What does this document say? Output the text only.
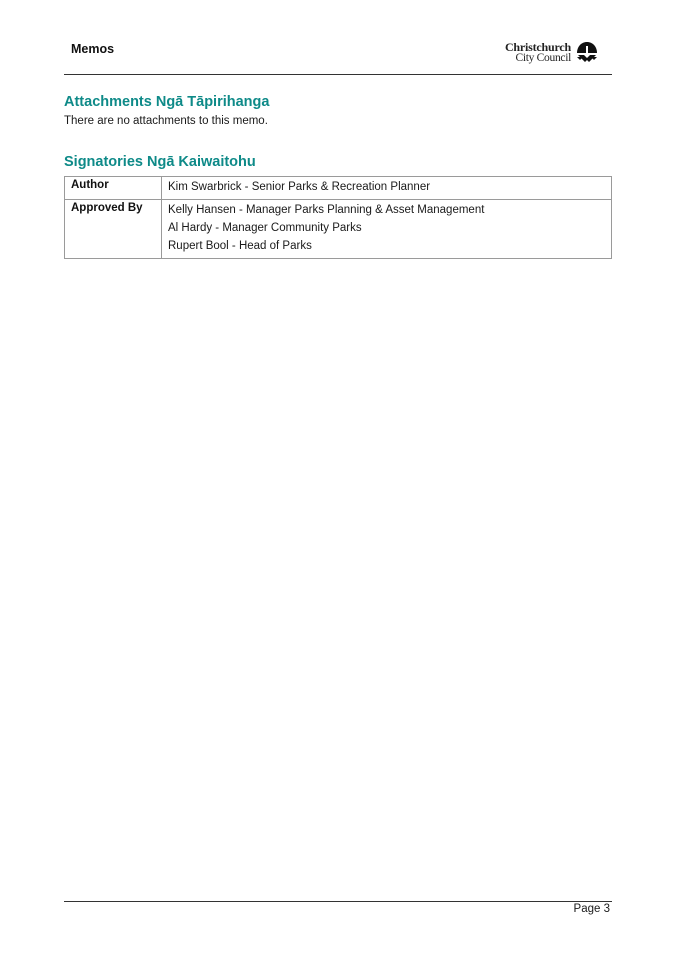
Memos	Christchurch
City Council
Attachments Ngā Tāpirihanga

There are no attachments to this memo.

Signatories Ngā Kaiwaitohu
Author	Kim Swarbrick - Senior Parks & Recreation Planner

Approved By	Kelly Hansen - Manager Parks Planning & Asset Management
Al Hardy - Manager Community Parks
Rupert Bool - Head of Parks
Page 3
